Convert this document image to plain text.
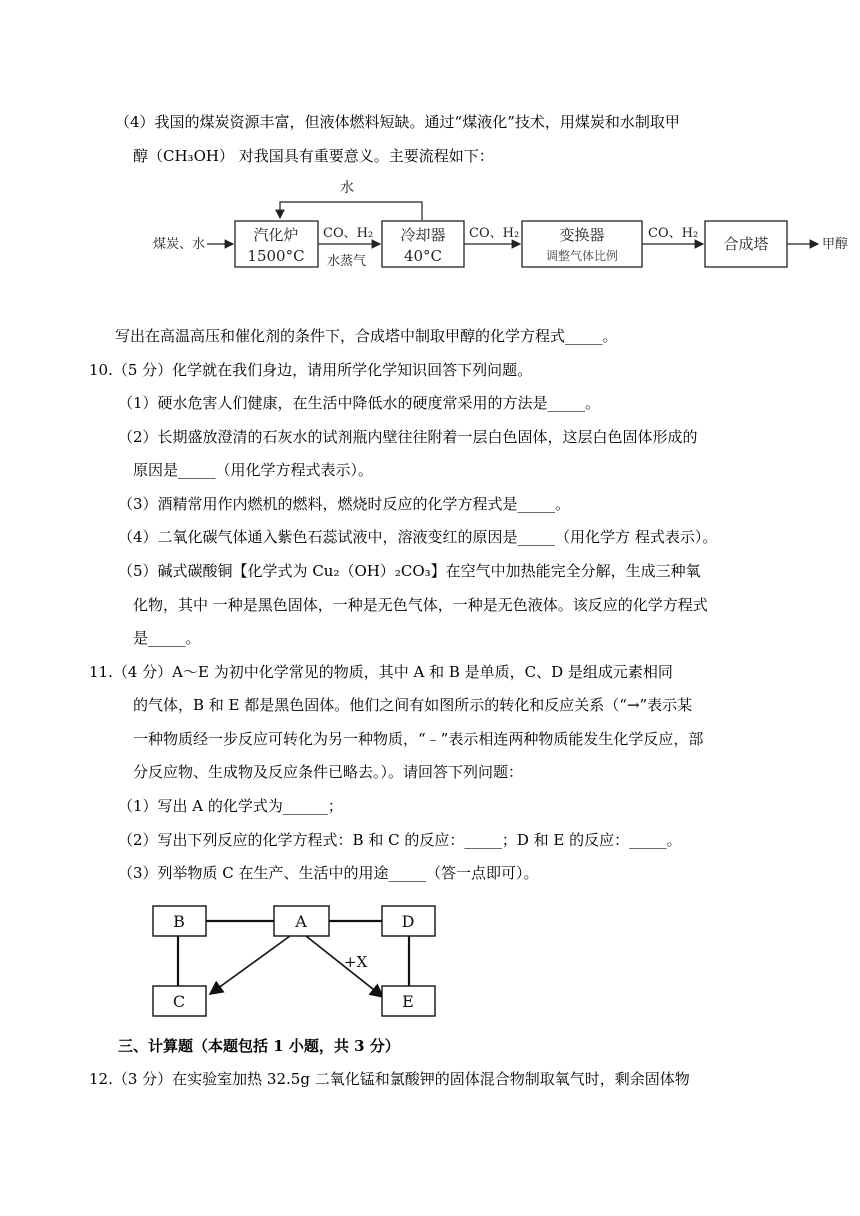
（4）我国的煤炭资源丰富，但液体燃料短缺。通过“煤液化”技术，用煤炭和水制取甲
醇（CH₃OH） 对我国具有重要意义。主要流程如下：
水
煤炭、水
汽化炉
1500°C
CO、H₂
水蒸气
冷却器
40°C
CO、H₂	变换器
调整气体比例
CO、H₂
合成塔	甲醇
写出在高温高压和催化剂的条件下，合成塔中制取甲醇的化学方程式_____。
10.（5 分）化学就在我们身边，请用所学化学知识回答下列问题。
（1）硬水危害人们健康，在生活中降低水的硬度常采用的方法是_____。
（2）长期盛放澄清的石灰水的试剂瓶内壁往往附着一层白色固体，这层白色固体形成的
原因是_____（用化学方程式表示）。
（3）酒精常用作内燃机的燃料，燃烧时反应的化学方程式是_____。
（4）二氧化碳气体通入紫色石蕊试液中，溶液变红的原因是_____（用化学方 程式表示）。
（5）碱式碳酸铜【化学式为 Cu₂（OH）₂CO₃】在空气中加热能完全分解，生成三种氧
化物，其中 一种是黑色固体，一种是无色气体，一种是无色液体。该反应的化学方程式
是_____。
11.（4 分）A～E 为初中化学常见的物质，其中 A 和 B 是单质，C、D 是组成元素相同
的气体，B 和 E 都是黑色固体。他们之间有如图所示的转化和反应关系（“→”表示某
一种物质经一步反应可转化为另一种物质，“﹣”表示相连两种物质能发生化学反应，部
分反应物、生成物及反应条件已略去。）。请回答下列问题：
（1）写出 A 的化学式为______；
（2）写出下列反应的化学方程式：B 和 C 的反应：_____；D 和 E 的反应：_____。
（3）列举物质 C 在生产、生活中的用途_____（答一点即可）。
+X
B	A	D
C	E
三、计算题（本题包括 1 小题，共 3 分）
12.（3 分）在实验室加热 32.5g 二氧化锰和氯酸钾的固体混合物制取氧气时，剩余固体物
